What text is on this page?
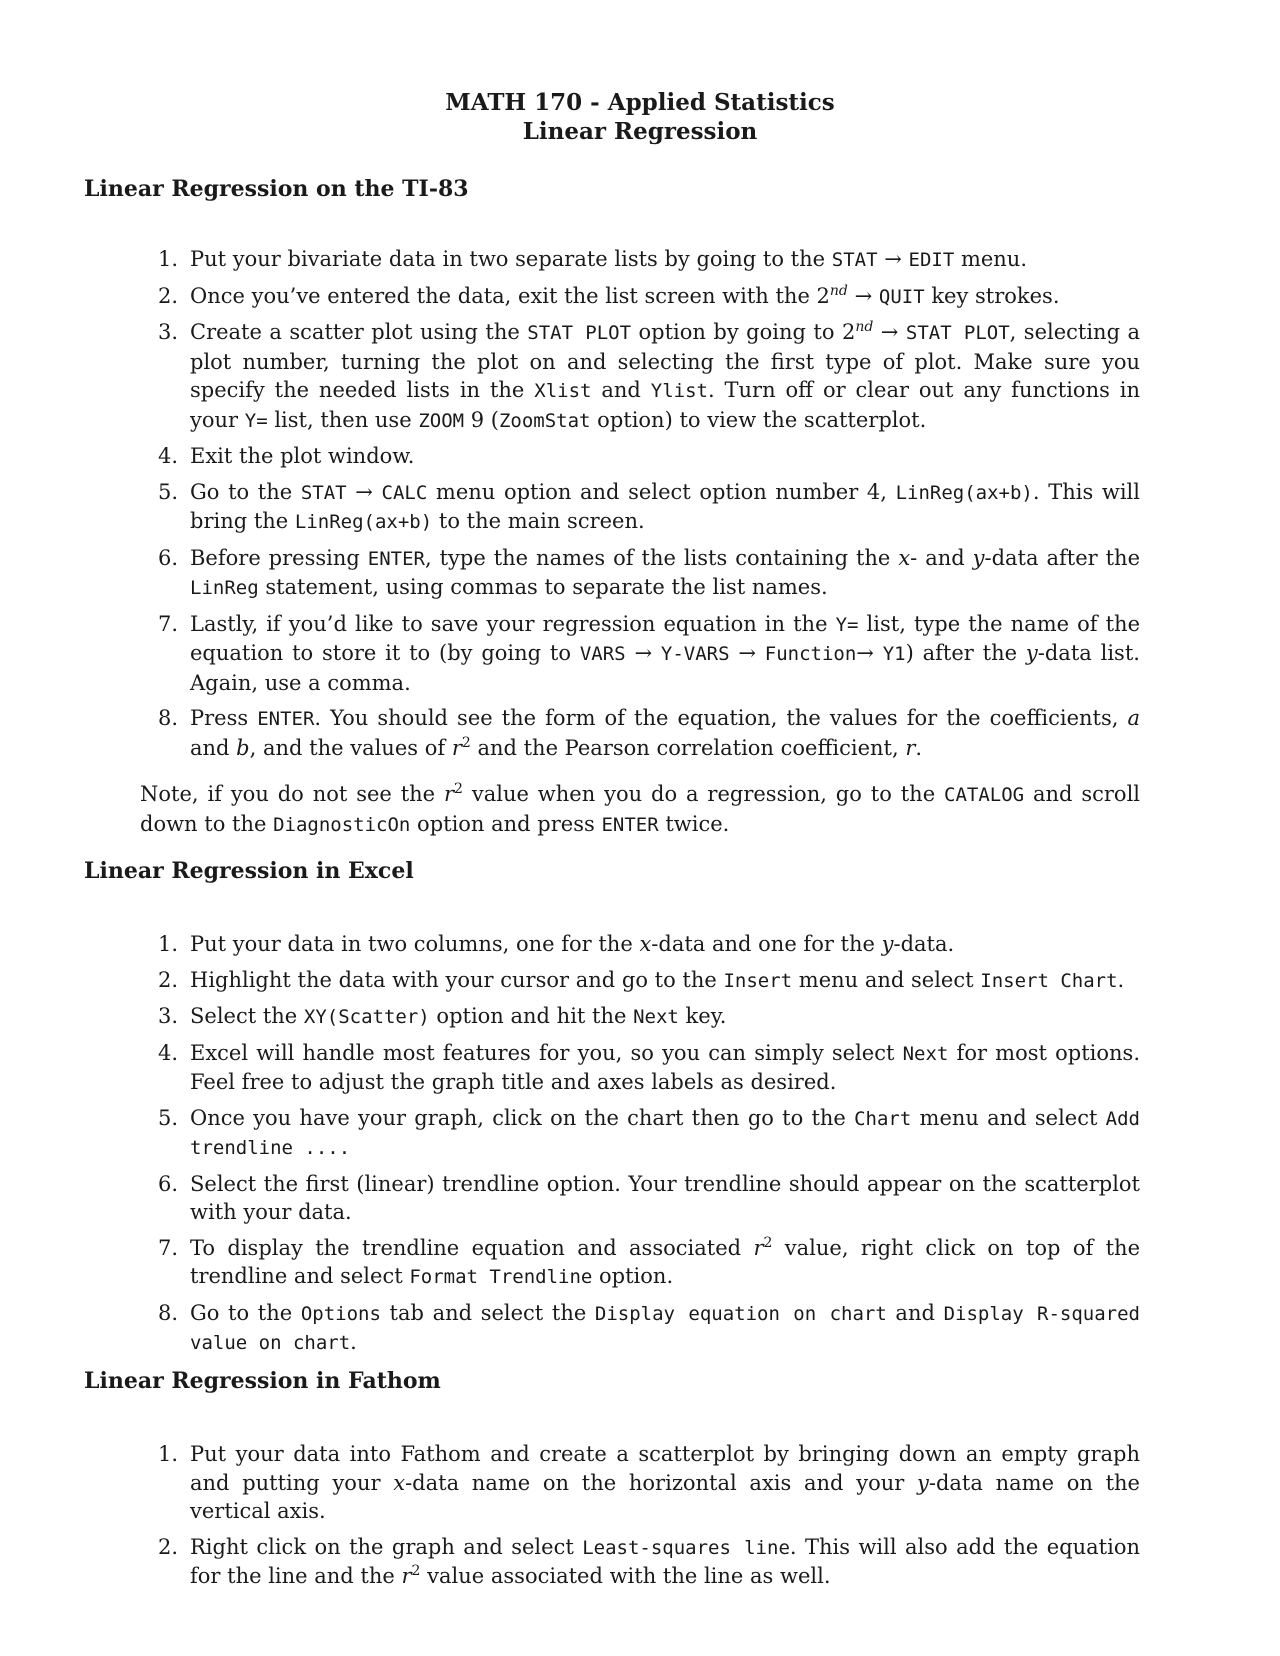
MATH 170 - Applied Statistics
Linear Regression
Linear Regression on the TI-83
1. Put your bivariate data in two separate lists by going to the STAT → EDIT menu.
2. Once you’ve entered the data, exit the list screen with the 2nd → QUIT key strokes.
3. Create a scatter plot using the STAT PLOT option by going to 2nd → STAT PLOT, selecting a plot number, turning the plot on and selecting the first type of plot. Make sure you specify the needed lists in the Xlist and Ylist. Turn off or clear out any functions in your Y= list, then use ZOOM 9 (ZoomStat option) to view the scatterplot.
4. Exit the plot window.
5. Go to the STAT → CALC menu option and select option number 4, LinReg(ax+b). This will bring the LinReg(ax+b) to the main screen.
6. Before pressing ENTER, type the names of the lists containing the x- and y-data after the LinReg statement, using commas to separate the list names.
7. Lastly, if you’d like to save your regression equation in the Y= list, type the name of the equation to store it to (by going to VARS → Y-VARS → Function→ Y1) after the y-data list. Again, use a comma.
8. Press ENTER. You should see the form of the equation, the values for the coefficients, a and b, and the values of $r^2$ and the Pearson correlation coefficient, r.

Note, if you do not see the $r^2$ value when you do a regression, go to the CATALOG and scroll down to the DiagnosticOn option and press ENTER twice.

Linear Regression in Excel
1. Put your data in two columns, one for the x-data and one for the y-data.
2. Highlight the data with your cursor and go to the Insert menu and select Insert Chart.
3. Select the XY(Scatter) option and hit the Next key.
4. Excel will handle most features for you, so you can simply select Next for most options. Feel free to adjust the graph title and axes labels as desired.
5. Once you have your graph, click on the chart then go to the Chart menu and select Add trendline ....
6. Select the first (linear) trendline option. Your trendline should appear on the scatterplot with your data.
7. To display the trendline equation and associated $r^2$ value, right click on top of the trendline and select Format Trendline option.
8. Go to the Options tab and select the Display equation on chart and Display R-squared value on chart.
Linear Regression in Fathom
1. Put your data into Fathom and create a scatterplot by bringing down an empty graph and putting your x-data name on the horizontal axis and your y-data name on the vertical axis.
2. Right click on the graph and select Least-squares line. This will also add the equation for the line and the $r^2$ value associated with the line as well.
